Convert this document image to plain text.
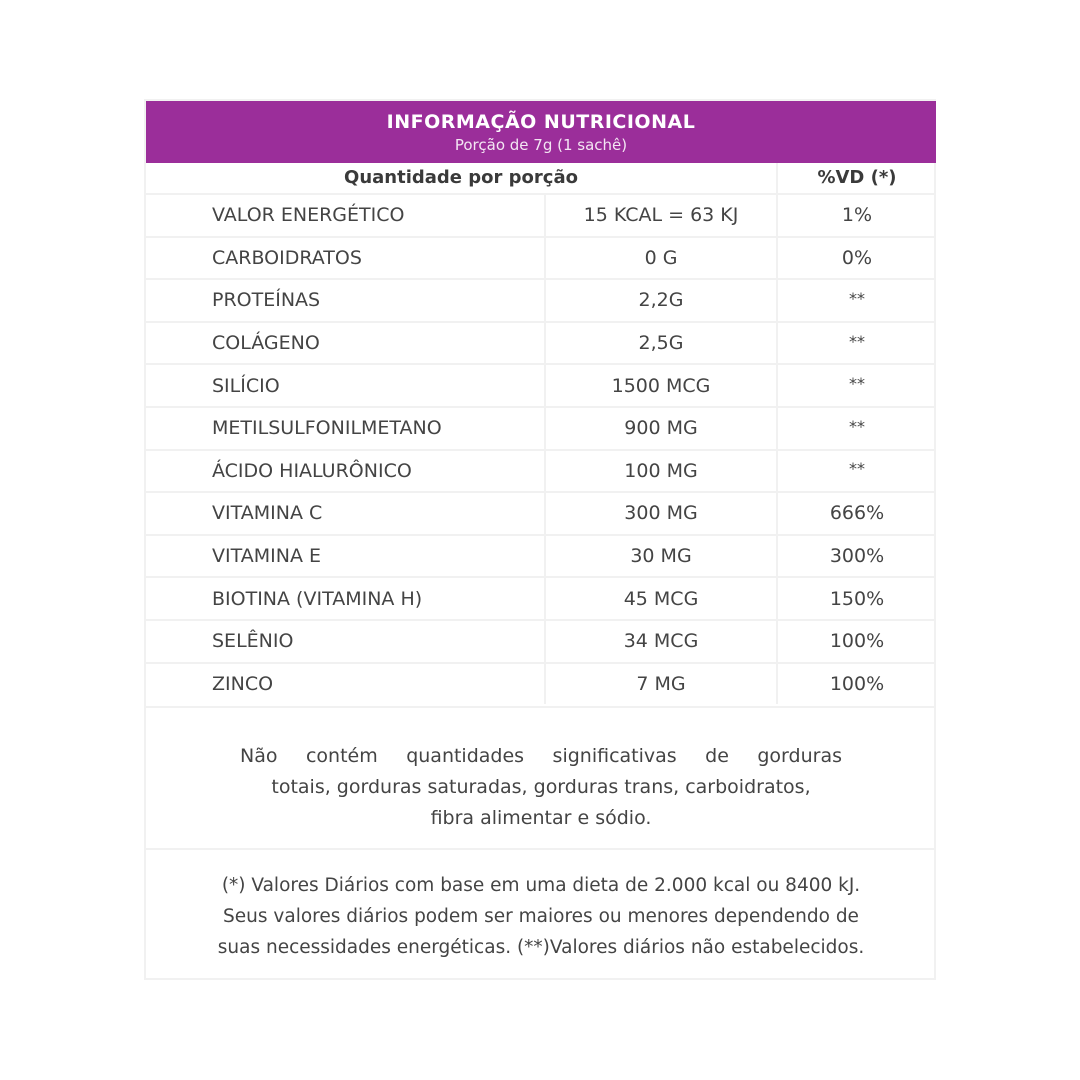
INFORMAÇÃO NUTRICIONAL
Porção de 7g (1 sachê)
Quantidade por porção	%VD (*)
VALOR ENERGÉTICO	15 KCAL = 63 KJ	1%
CARBOIDRATOS	0 G	0%
PROTEÍNAS	2,2G	**
COLÁGENO	2,5G	**
SILÍCIO	1500 MCG	**
METILSULFONILMETANO	900 MG	**
ÁCIDO HIALURÔNICO	100 MG	**
VITAMINA C	300 MG	666%
VITAMINA E	30 MG	300%
BIOTINA (VITAMINA H)	45 MCG	150%
SELÊNIO	34 MCG	100%
ZINCO	7 MG	100%
Não contém quantidades significativas de gorduras
totais, gorduras saturadas, gorduras trans, carboidratos,
fibra alimentar e sódio.
(*) Valores Diários com base em uma dieta de 2.000 kcal ou 8400 kJ.
Seus valores diários podem ser maiores ou menores dependendo de
suas necessidades energéticas. (**)Valores diários não estabelecidos.
